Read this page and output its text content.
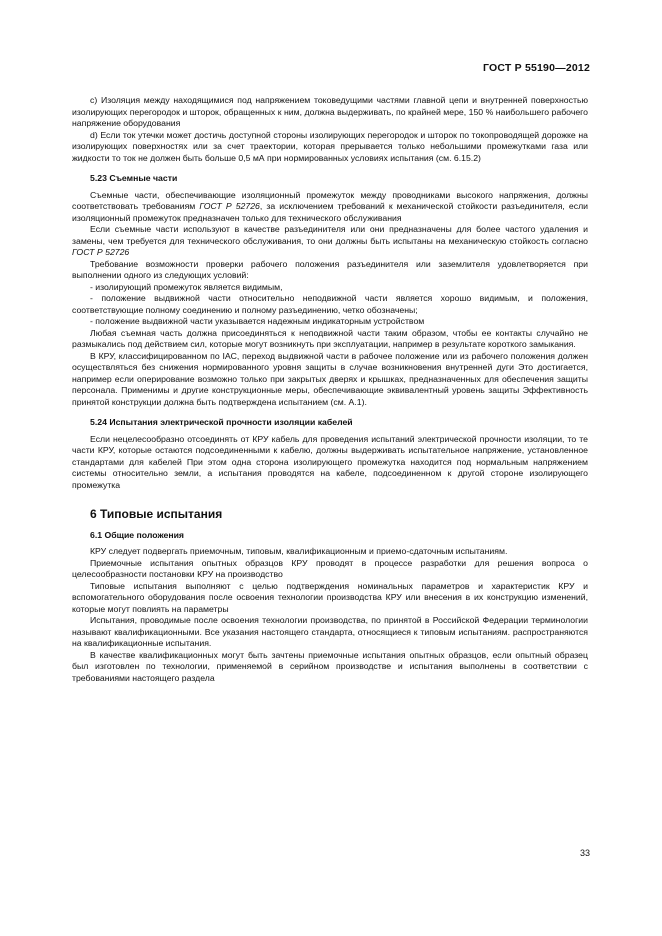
ГОСТ Р 55190—2012

c) Изоляция между находящимися под напряжением токоведущими частями главной цепи и внутренней поверхностью изолирующих перегородок и шторок, обращенных к ним, должна выдерживать, по крайней мере, 150 % наибольшего рабочего напряжение оборудования

d) Если ток утечки может достичь доступной стороны изолирующих перегородок и шторок по токопроводящей дорожке на изолирующих поверхностях или за счет траектории, которая прерывается только небольшими промежутками газа или жидкости то ток не должен быть больше 0,5 мА при нормированных условиях испытания (см. 6.15.2)

5.23 Съемные части

Съемные части, обеспечивающие изоляционный промежуток между проводниками высокого напряжения, должны соответствовать требованиям ГОСТ Р 52726, за исключением требований к механической стойкости разъединителя, если изоляционный промежуток предназначен только для технического обслуживания

Если съемные части используют в качестве разъединителя или они предназначены для более частого удаления и замены, чем требуется для технического обслуживания, то они должны быть испытаны на механическую стойкость согласно ГОСТ Р 52726

Требование возможности проверки рабочего положения разъединителя или заземлителя удовлетворяется при выполнении одного из следующих условий:

- изолирующий промежуток является видимым,

- положение выдвижной части относительно неподвижной части является хорошо видимым, и положения, соответствующие полному соединению и полному разъединению, четко обозначены;

- положение выдвижной части указывается надежным индикаторным устройством

Любая съемная часть должна присоединяться к неподвижной части таким образом, чтобы ее контакты случайно не размыкались под действием сил, которые могут возникнуть при эксплуатации, например в результате короткого замыкания.

В КРУ, классифицированном по IAC, переход выдвижной части в рабочее положение или из рабочего положения должен осуществляться без снижения нормированного уровня защиты в случае возникновения внутренней дуги Это достигается, например если оперирование возможно только при закрытых дверях и крышках, предназначенных для обеспечения защиты персонала. Применимы и другие конструкционные меры, обеспечивающие эквивалентный уровень защиты Эффективность принятой конструкции должна быть подтверждена испытанием (см. А.1).

5.24 Испытания электрической прочности изоляции кабелей

Если нецелесообразно отсоединять от КРУ кабель для проведения испытаний электрической прочности изоляции, то те части КРУ, которые остаются подсоединенными к кабелю, должны выдерживать испытательное напряжение, установленное стандартами для кабелей При этом одна сторона изолирующего промежутка находится под нормальным напряжением системы относительно земли, а испытания проводятся на кабеле, подсоединенном к другой стороне изолирующего промежутка

6 Типовые испытания
6.1 Общие положения

КРУ следует подвергать приемочным, типовым, квалификационным и приемо-сдаточным испытаниям.

Приемочные испытания опытных образцов КРУ проводят в процессе разработки для решения вопроса о целесообразности постановки КРУ на производство

Типовые испытания выполняют с целью подтверждения номинальных параметров и характеристик КРУ и вспомогательного оборудования после освоения технологии производства КРУ или внесения в их конструкцию изменений, которые могут повлиять на параметры

Испытания, проводимые после освоения технологии производства, по принятой в Российской Федерации терминологии называют квалификационными. Все указания настоящего стандарта, относящиеся к типовым испытаниям. распространяются на квалификационные испытания.

В качестве квалификационных могут быть зачтены приемочные испытания опытных образцов, если опытный образец был изготовлен по технологии, применяемой в серийном производстве и испытания выполнены в соответствии с требованиями настоящего раздела

33
